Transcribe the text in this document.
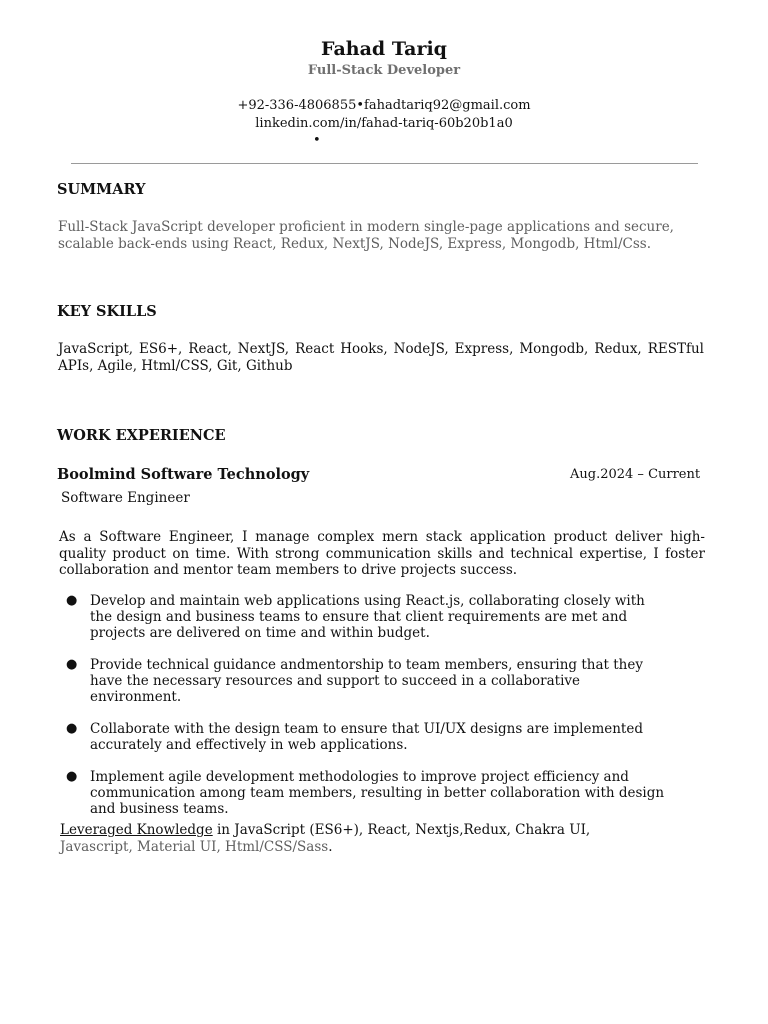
Fahad Tariq
Full-Stack Developer
+92-336-4806855•fahadtariq92@gmail.com
linkedin.com/in/fahad-tariq-60b20b1a0
•
SUMMARY
Full-Stack JavaScript developer proficient in modern single-page applications and secure, scalable back-ends using React, Redux, NextJS, NodeJS, Express, Mongodb, Html/Css.
KEY SKILLS
JavaScript, ES6+, React, NextJS, React Hooks, NodeJS, Express, Mongodb, Redux, RESTful APIs, Agile, Html/CSS, Git, Github
WORK EXPERIENCE
Boolmind Software Technology	Aug.2024 – Current
Software Engineer
As a Software Engineer, I manage complex mern stack application product deliver high- quality product on time. With strong communication skills and technical expertise, I foster collaboration and mentor team members to drive projects success.
● Develop and maintain web applications using React.js, collaborating closely with the design and business teams to ensure that client requirements are met and projects are delivered on time and within budget.
● Provide technical guidance andmentorship to team members, ensuring that they have the necessary resources and support to succeed in a collaborative environment.
● Collaborate with the design team to ensure that UI/UX designs are implemented accurately and effectively in web applications.
● Implement agile development methodologies to improve project efficiency and communication among team members, resulting in better collaboration with design and business teams.
Leveraged Knowledge in JavaScript (ES6+), React, Nextjs,Redux, Chakra UI, Javascript, Material UI, Html/CSS/Sass.
